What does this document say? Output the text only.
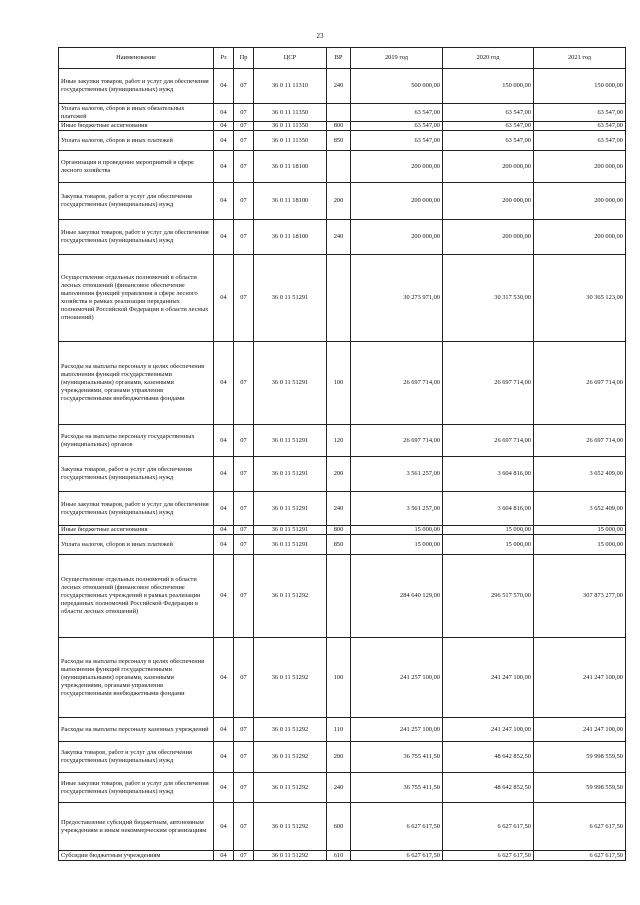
23
Наименование	Рз	Пр	ЦСР	ВР	2019 год	2020 год	2021 год
Иные закупки товаров, работ и услуг для обеспечения государственных (муниципальных) нужд	04	07	36 0 11 11310	240	500 000,00	150 000,00	150 000,00
Уплата налогов, сборов и иных обязательных платежей	04	07	36 0 11 11350		63 547,00	63 547,00	63 547,00
Иные бюджетные ассигнования	04	07	36 0 11 11350	800	63 547,00	63 547,00	63 547,00
Уплата налогов, сборов и иных платежей	04	07	36 0 11 11350	850	63 547,00	63 547,00	63 547,00
Организация и проведение мероприятий в сфере лесного хозяйства	04	07	36 0 11 18100		200 000,00	200 000,00	200 000,00
Закупка товаров, работ и услуг для обеспечения государственных (муниципальных) нужд	04	07	36 0 11 18100	200	200 000,00	200 000,00	200 000,00
Иные закупки товаров, работ и услуг для обеспечения государственных (муниципальных) нужд	04	07	36 0 11 18100	240	200 000,00	200 000,00	200 000,00
Осуществление отдельных полномочий в области лесных отношений (финансовое обеспечение выполнения функций управления в сфере лесного хозяйства в рамках реализации переданных полномочий Российской Федерации в области лесных отношений)	04	07	36 0 11 51291		30 273 971,00	30 317 530,00	30 365 123,00
Расходы на выплаты персоналу в целях обеспечения выполнения функций государственными (муниципальными) органами, казенными учреждениями, органами управления государственными внебюджетными фондами	04	07	36 0 11 51291	100	26 697 714,00	26 697 714,00	26 697 714,00
Расходы на выплаты персоналу государственных (муниципальных) органов	04	07	36 0 11 51291	120	26 697 714,00	26 697 714,00	26 697 714,00
Закупка товаров, работ и услуг для обеспечения государственных (муниципальных) нужд	04	07	36 0 11 51291	200	3 561 257,00	3 604 816,00	3 652 409,00
Иные закупки товаров, работ и услуг для обеспечения государственных (муниципальных) нужд	04	07	36 0 11 51291	240	3 561 257,00	3 604 816,00	3 652 409,00
Иные бюджетные ассигнования	04	07	36 0 11 51291	800	15 000,00	15 000,00	15 000,00
Уплата налогов, сборов и иных платежей	04	07	36 0 11 51291	850	15 000,00	15 000,00	15 000,00
Осуществление отдельных полномочий в области лесных отношений (финансовое обеспечение государственных учреждений в рамках реализации переданных полномочий Российской Федерации в области лесных отношений)	04	07	36 0 11 51292		284 640 129,00	296 517 570,00	307 873 277,00
Расходы на выплаты персоналу в целях обеспечения выполнения функций государственными (муниципальными) органами, казенными учреждениями, органами управления государственными внебюджетными фондами	04	07	36 0 11 51292	100	241 257 100,00	241 247 100,00	241 247 100,00
Расходы на выплаты персоналу казенных учреждений	04	07	36 0 11 51292	110	241 257 100,00	241 247 100,00	241 247 100,00
Закупка товаров, работ и услуг для обеспечения государственных (муниципальных) нужд	04	07	36 0 11 51292	200	36 755 411,50	48 642 852,50	59 998 559,50
Иные закупки товаров, работ и услуг для обеспечения государственных (муниципальных) нужд	04	07	36 0 11 51292	240	36 755 411,50	48 642 852,50	59 998 559,50
Предоставление субсидий бюджетным, автономным учреждениям и иным некоммерческим организациям	04	07	36 0 11 51292	600	6 627 617,50	6 627 617,50	6 627 617,50
Субсидии бюджетным учреждениям	04	07	36 0 11 51292	610	6 627 617,50	6 627 617,50	6 627 617,50
